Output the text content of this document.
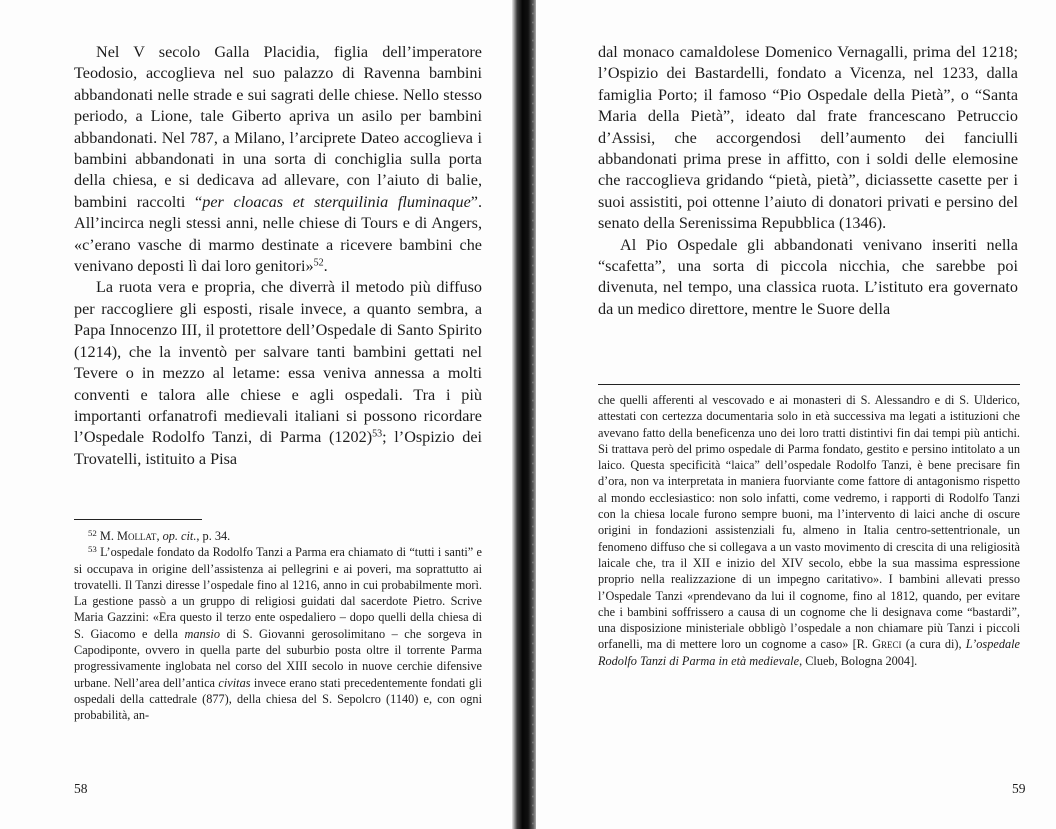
Nel V secolo Galla Placidia, figlia dell’imperatore Teodosio, accoglieva nel suo palazzo di Ravenna bambini abbandonati nelle strade e sui sagrati delle chiese. Nello stesso periodo, a Lione, tale Giberto apriva un asilo per bambini abbandonati. Nel 787, a Milano, l’arciprete Dateo accoglieva i bambini abbandonati in una sorta di conchiglia sulla porta della chiesa, e si dedicava ad allevare, con l’aiuto di balie, bambini raccolti “per cloacas et sterquilinia fluminaque”. All’incirca negli stessi anni, nelle chiese di Tours e di Angers, «c’erano vasche di marmo destinate a ricevere bambini che venivano deposti lì dai loro genitori»$^{52}$.

La ruota vera e propria, che diverrà il metodo più diffuso per raccogliere gli esposti, risale invece, a quanto sembra, a Papa Innocenzo III, il protettore dell’Ospedale di Santo Spirito (1214), che la inventò per salvare tanti bambini gettati nel Tevere o in mezzo al letame: essa veniva annessa a molti conventi e talora alle chiese e agli ospedali. Tra i più importanti orfanatrofi medievali italiani si possono ricordare l’Ospedale Rodolfo Tanzi, di Parma $(1202)^{53}$; l’Ospizio dei Trovatelli, istituito a Pisa

$^{52}$ M. Mollat, op. cit., p. 34.

$^{53}$ L’ospedale fondato da Rodolfo Tanzi a Parma era chiamato di “tutti i santi” e si occupava in origine dell’assistenza ai pellegrini e ai poveri, ma soprattutto ai trovatelli. Il Tanzi diresse l’ospedale fino al 1216, anno in cui probabilmente morì. La gestione passò a un gruppo di religiosi guidati dal sacerdote Pietro. Scrive Maria Gazzini: «Era questo il terzo ente ospedaliero – dopo quelli della chiesa di S. Giacomo e della mansio di S. Giovanni gerosolimitano – che sorgeva in Capodiponte, ovvero in quella parte del suburbio posta oltre il torrente Parma progressivamente inglobata nel corso del XIII secolo in nuove cerchie difensive urbane. Nell’area dell’antica civitas invece erano stati precedentemente fondati gli ospedali della cattedrale (877), della chiesa del S. Sepolcro (1140) e, con ogni probabilità, an-

58

dal monaco camaldolese Domenico Vernagalli, prima del 1218; l’Ospizio dei Bastardelli, fondato a Vicenza, nel 1233, dalla famiglia Porto; il famoso “Pio Ospedale della Pietà”, o “Santa Maria della Pietà”, ideato dal frate francescano Petruccio d’Assisi, che accorgendosi dell’aumento dei fanciulli abbandonati prima prese in affitto, con i soldi delle elemosine che raccoglieva gridando “pietà, pietà”, diciassette casette per i suoi assistiti, poi ottenne l’aiuto di donatori privati e persino del senato della Serenissima Repubblica (1346).

Al Pio Ospedale gli abbandonati venivano inseriti nella “scafetta”, una sorta di piccola nicchia, che sarebbe poi divenuta, nel tempo, una classica ruota. L’istituto era governato da un medico direttore, mentre le Suore della

che quelli afferenti al vescovado e ai monasteri di S. Alessandro e di S. Ulderico, attestati con certezza documentaria solo in età successiva ma legati a istituzioni che avevano fatto della beneficenza uno dei loro tratti distintivi fin dai tempi più antichi. Si trattava però del primo ospedale di Parma fondato, gestito e persino intitolato a un laico. Questa specificità “laica” dell’ospedale Rodolfo Tanzi, è bene precisare fin d’ora, non va interpretata in maniera fuorviante come fattore di antagonismo rispetto al mondo ecclesiastico: non solo infatti, come vedremo, i rapporti di Rodolfo Tanzi con la chiesa locale furono sempre buoni, ma l’intervento di laici anche di oscure origini in fondazioni assistenziali fu, almeno in Italia centro-settentrionale, un fenomeno diffuso che si collegava a un vasto movimento di crescita di una religiosità laicale che, tra il XII e inizio del XIV secolo, ebbe la sua massima espressione proprio nella realizzazione di un impegno caritativo». I bambini allevati presso l’Ospedale Tanzi «prendevano da lui il cognome, fino al 1812, quando, per evitare che i bambini soffrissero a causa di un cognome che li designava come “bastardi”, una disposizione ministeriale obbligò l’ospedale a non chiamare più Tanzi i piccoli orfanelli, ma di mettere loro un cognome a caso» [R. Greci (a cura di), L’ospedale Rodolfo Tanzi di Parma in età medievale, Clueb, Bologna 2004].

59
